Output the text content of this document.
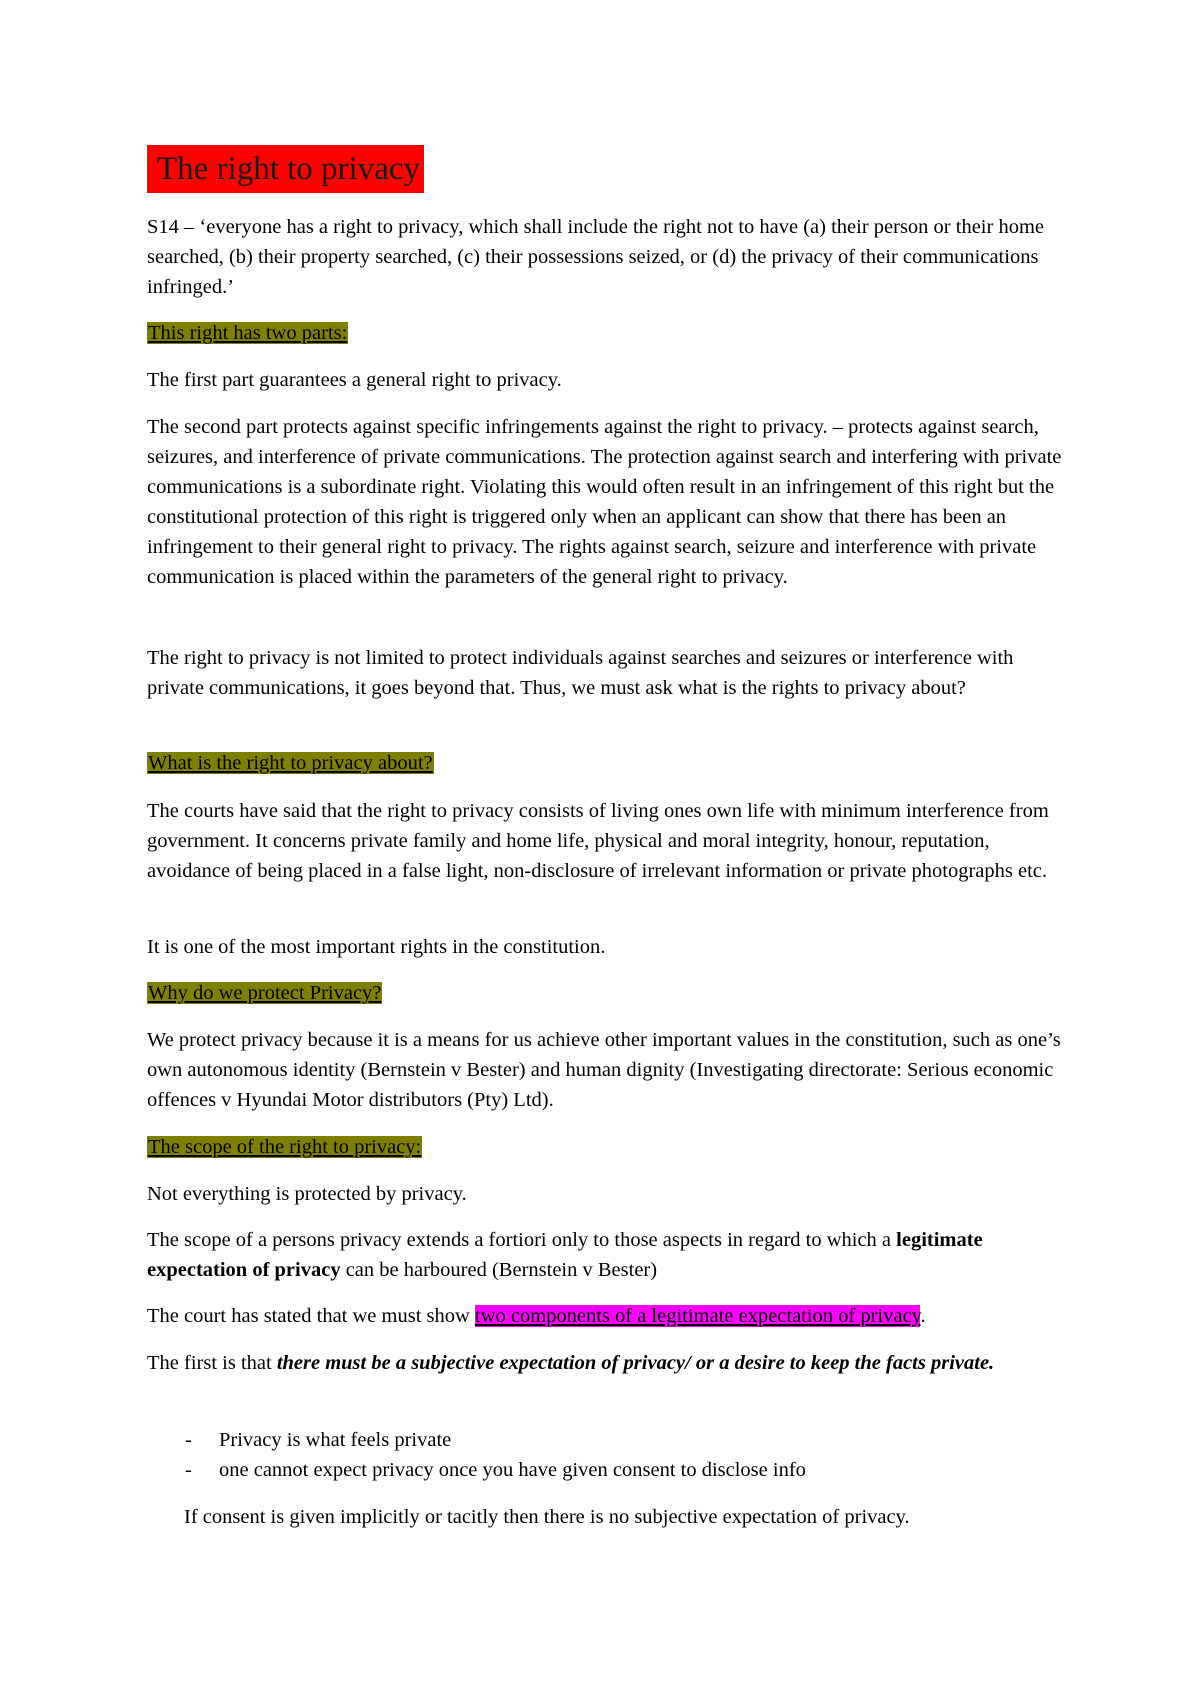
The right to privacy
S14 – ‘everyone has a right to privacy, which shall include the right not to have (a) their person or their home searched, (b) their property searched, (c) their possessions seized, or (d) the privacy of their communications infringed.’
This right has two parts:
The first part guarantees a general right to privacy.
The second part protects against specific infringements against the right to privacy. – protects against search, seizures, and interference of private communications. The protection against search and interfering with private communications is a subordinate right. Violating this would often result in an infringement of this right but the constitutional protection of this right is triggered only when an applicant can show that there has been an infringement to their general right to privacy. The rights against search, seizure and interference with private communication is placed within the parameters of the general right to privacy.
The right to privacy is not limited to protect individuals against searches and seizures or interference with private communications, it goes beyond that. Thus, we must ask what is the rights to privacy about?
What is the right to privacy about?
The courts have said that the right to privacy consists of living ones own life with minimum interference from government. It concerns private family and home life, physical and moral integrity, honour, reputation, avoidance of being placed in a false light, non-disclosure of irrelevant information or private photographs etc.
It is one of the most important rights in the constitution.
Why do we protect Privacy?
We protect privacy because it is a means for us achieve other important values in the constitution, such as one’s own autonomous identity (Bernstein v Bester) and human dignity (Investigating directorate: Serious economic offences v Hyundai Motor distributors (Pty) Ltd).
The scope of the right to privacy:
Not everything is protected by privacy.
The scope of a persons privacy extends a fortiori only to those aspects in regard to which a legitimate expectation of privacy can be harboured (Bernstein v Bester)
The court has stated that we must show two components of a legitimate expectation of privacy.
The first is that there must be a subjective expectation of privacy/ or a desire to keep the facts private.
- Privacy is what feels private
- one cannot expect privacy once you have given consent to disclose info
If consent is given implicitly or tacitly then there is no subjective expectation of privacy.
